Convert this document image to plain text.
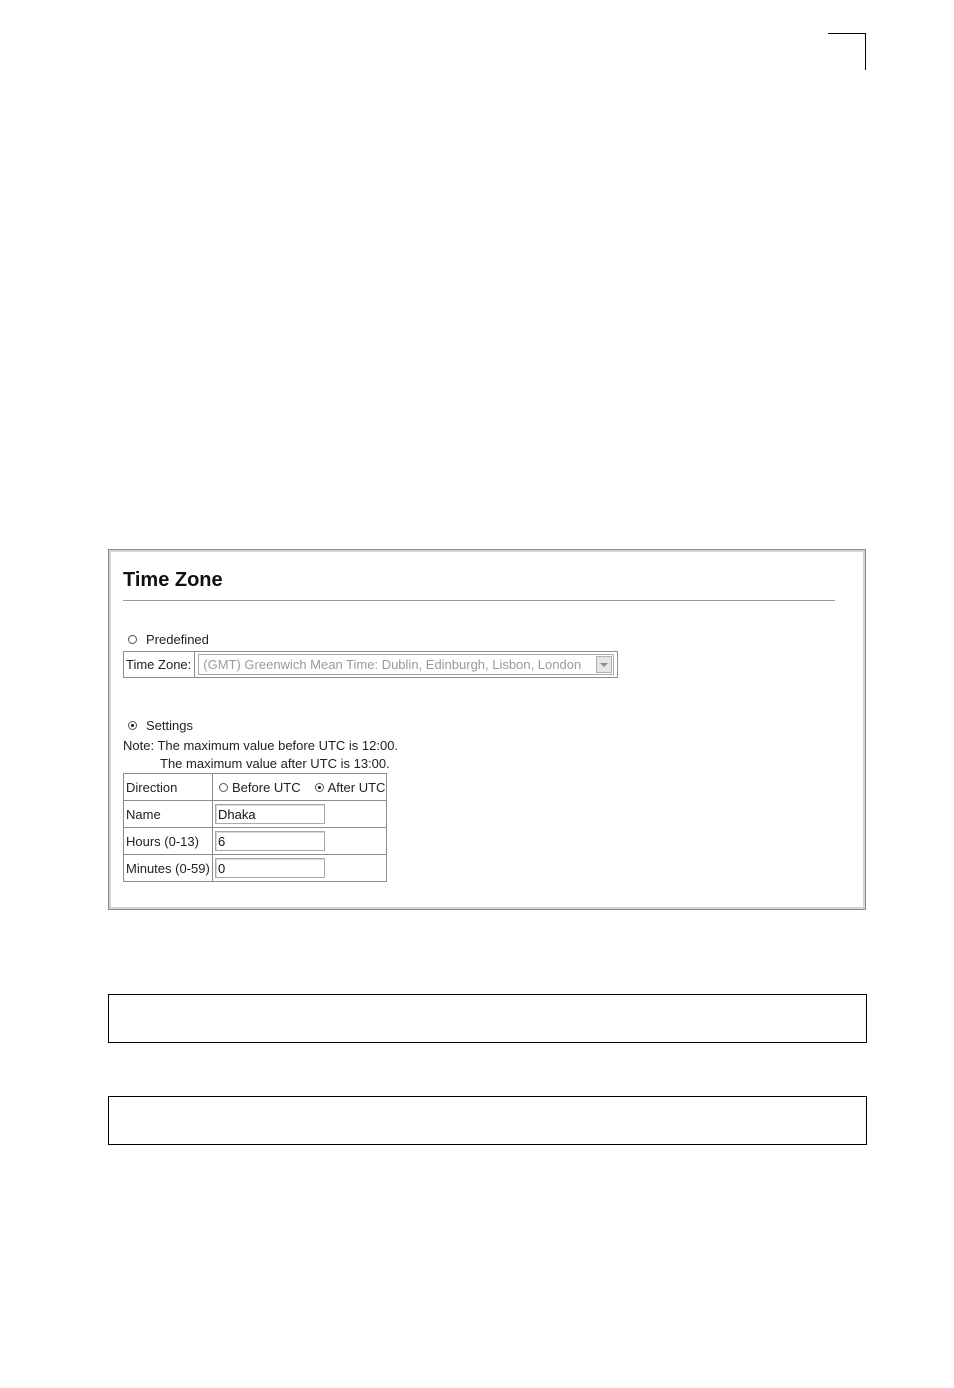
Time Zone
Predefined
Time Zone: (GMT) Greenwich Mean Time: Dublin, Edinburgh, Lisbon, London
Settings
Note: The maximum value before UTC is 12:00.
The maximum value after UTC is 13:00.
Direction	Before UTC After UTC

Name	Dhaka

Hours (0-13)	6

Minutes (0-59)	0
